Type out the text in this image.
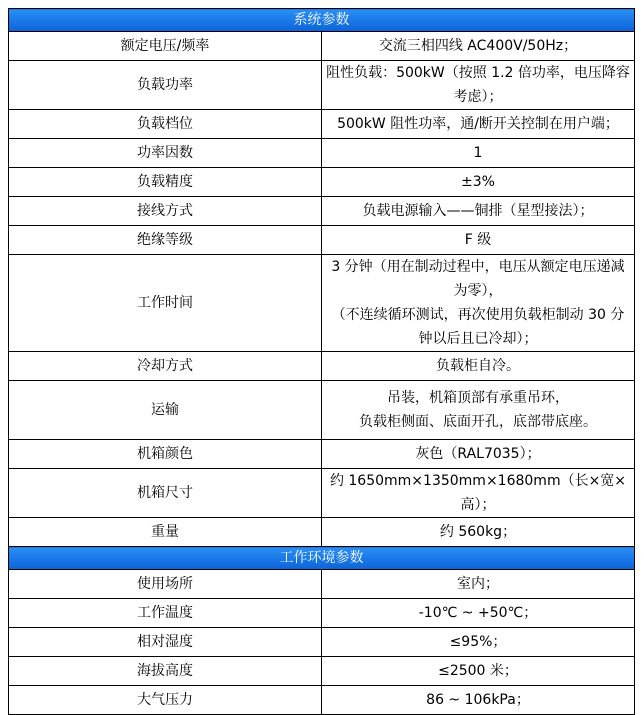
系统参数	
额定电压/频率	交流三相四线 AC400V/50Hz；

负载功率	阻性负载：500kW（按照 1.2 倍功率，电压降容考虑）；

负载档位	500kW 阻性功率，通/断开关控制在用户端；

功率因数	1

负载精度	±3%

接线方式	负载电源输入——铜排（星型接法）；

绝缘等级	F 级

工作时间	3 分钟（用在制动过程中，电压从额定电压递减为零），
（不连续循环测试，再次使用负载柜制动 30 分钟以后且已冷却）；

冷却方式	负载柜自冷。

运输	吊装，机箱顶部有承重吊环，
负载柜侧面、底面开孔，底部带底座。

机箱颜色	灰色（RAL7035）；

机箱尺寸	约 1650mm×1350mm×1680mm（长×宽×高）；

重量	约 560kg；

工作环境参数	
使用场所	室内；

工作温度	-10℃ ~ +50℃；

相对湿度	≤95%；

海拔高度	≤2500 米；

大气压力	86 ~ 106kPa；
